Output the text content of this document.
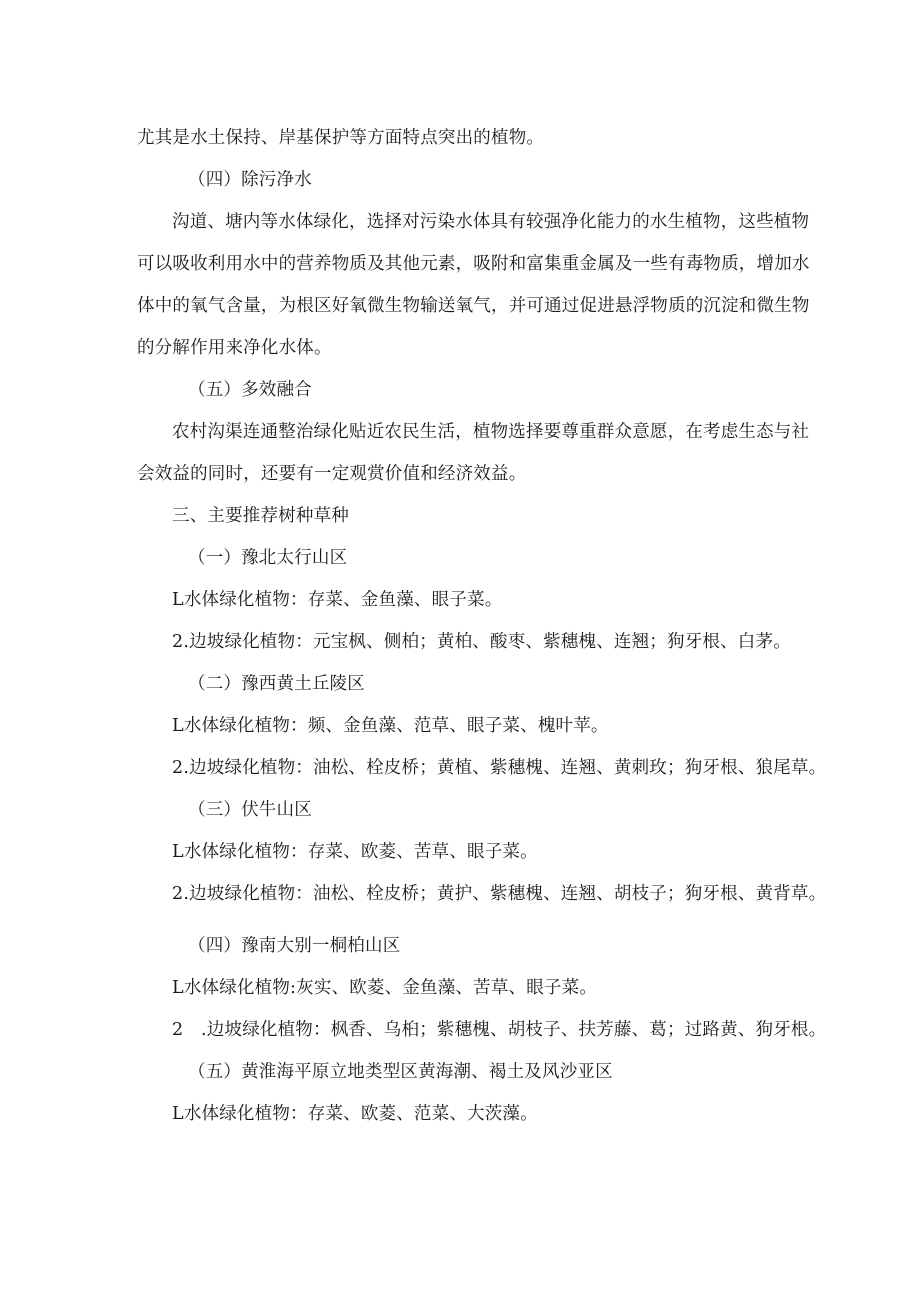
尤其是水土保持、岸基保护等方面特点突出的植物。
（四）除污净水
沟道、塘内等水体绿化，选择对污染水体具有较强净化能力的水生植物，这些植物
可以吸收利用水中的营养物质及其他元素，吸附和富集重金属及一些有毒物质，增加水
体中的氧气含量，为根区好氧微生物输送氧气，并可通过促进悬浮物质的沉淀和微生物
的分解作用来净化水体。
（五）多效融合
农村沟渠连通整治绿化贴近农民生活，植物选择要尊重群众意愿，在考虑生态与社
会效益的同时，还要有一定观赏价值和经济效益。
三、主要推荐树种草种
（一）豫北太行山区
L水体绿化植物：存菜、金鱼藻、眼子菜。
2.边坡绿化植物：元宝枫、侧柏；黄柏、酸枣、紫穗槐、连翘；狗牙根、白茅。
（二）豫西黄土丘陵区
L水体绿化植物：频、金鱼藻、范草、眼子菜、槐叶苹。
2.边坡绿化植物：油松、栓皮桥；黄植、紫穗槐、连翘、黄刺玫；狗牙根、狼尾草。
（三）伏牛山区
L水体绿化植物：存菜、欧菱、苦草、眼子菜。
2.边坡绿化植物：油松、栓皮桥；黄护、紫穗槐、连翘、胡枝子；狗牙根、黄背草。
（四）豫南大别一桐柏山区
L水体绿化植物:灰实、欧菱、金鱼藻、苦草、眼子菜。
2　.边坡绿化植物：枫香、乌桕；紫穗槐、胡枝子、扶芳藤、葛；过路黄、狗牙根。
（五）黄淮海平原立地类型区黄海潮、褐土及风沙亚区
L水体绿化植物：存菜、欧菱、范菜、大茨藻。
